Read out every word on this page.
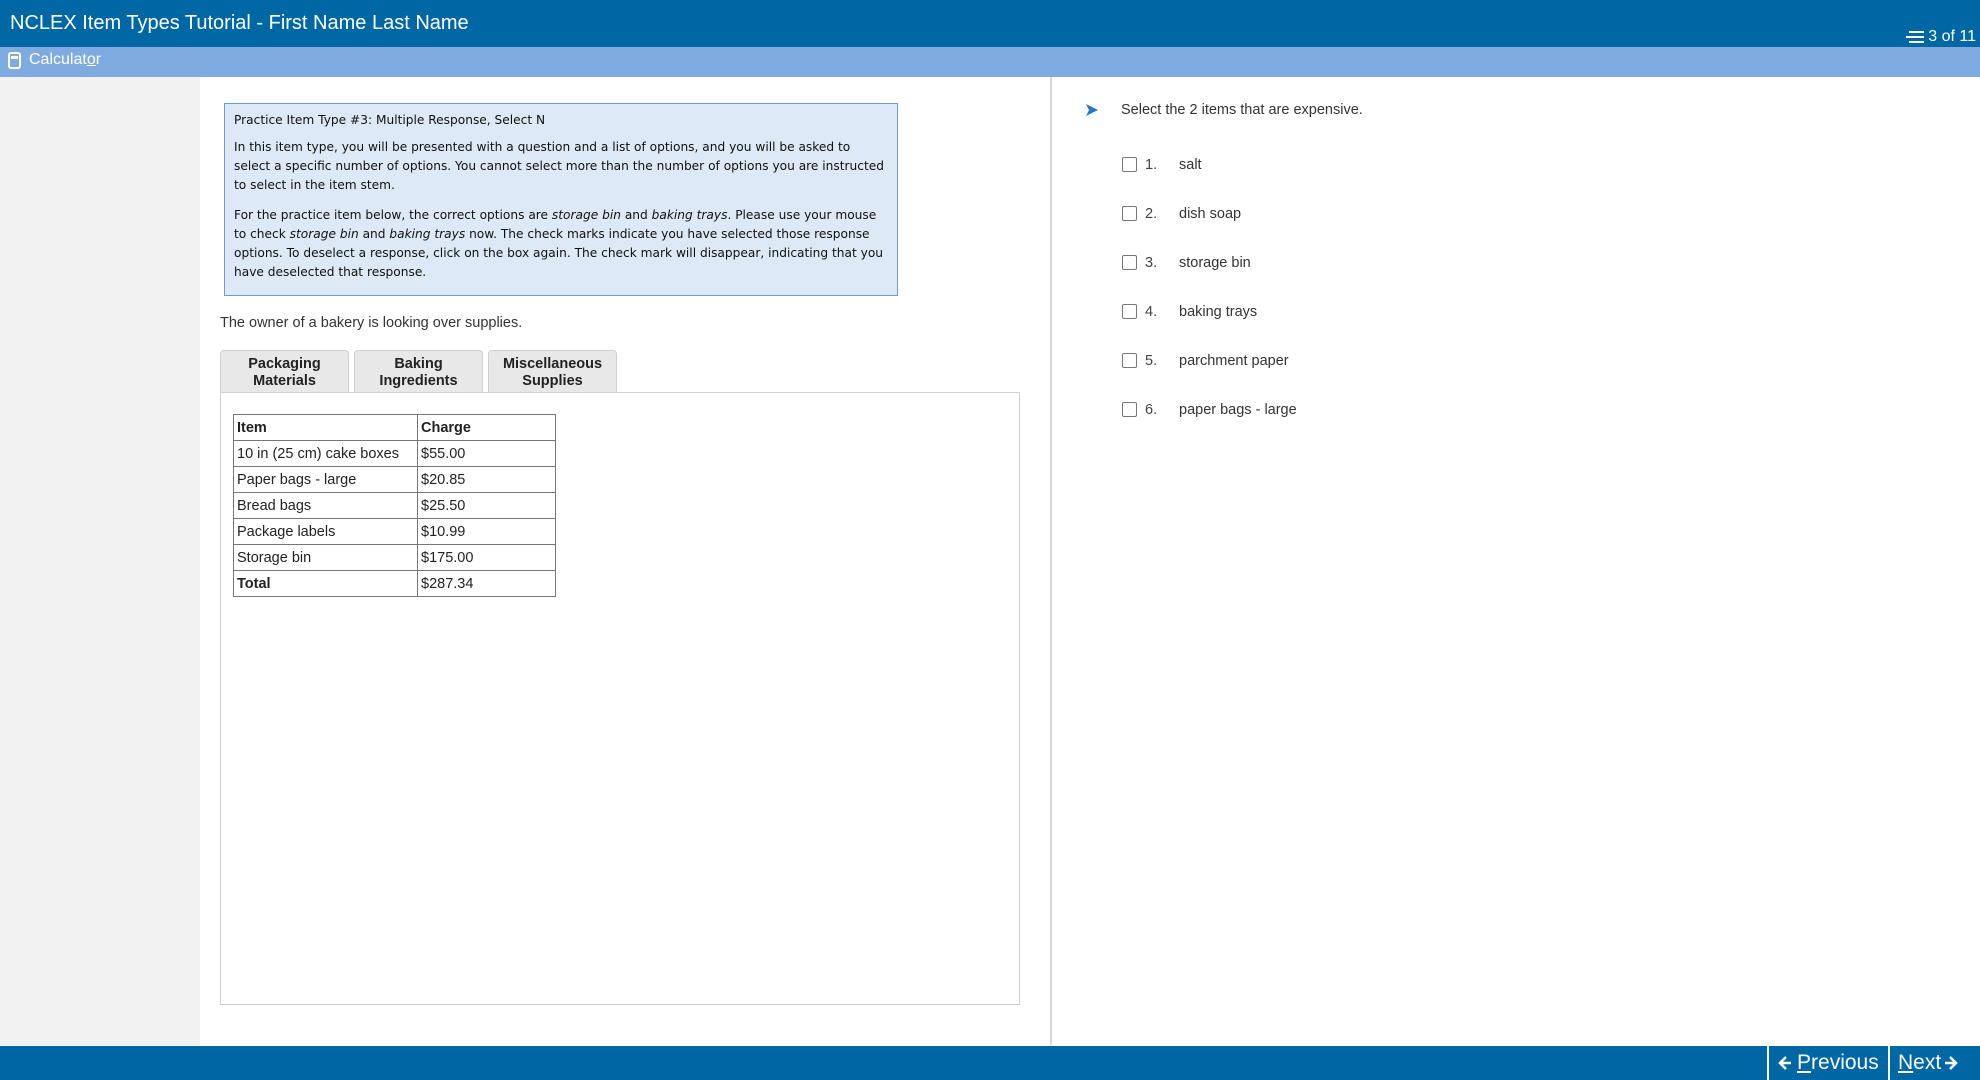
NCLEX Item Types Tutorial - First Name Last Name
3 of 11
Calculator
Practice Item Type #3: Multiple Response, Select N

In this item type, you will be presented with a question and a list of options, and you will be asked to select a specific number of options. You cannot select more than the number of options you are instructed to select in the item stem.

For the practice item below, the correct options are storage bin and baking trays. Please use your mouse to check storage bin and baking trays now. The check marks indicate you have selected those response options. To deselect a response, click on the box again. The check mark will disappear, indicating that you have deselected that response.

The owner of a bakery is looking over supplies.
Packaging
Materials
Baking
Ingredients
Miscellaneous
Supplies
Item	Charge
10 in (25 cm) cake boxes	$55.00
Paper bags - large	$20.85
Bread bags	$25.50
Package labels	$10.99
Storage bin	$175.00
Total	$287.34
Select the 2 items that are expensive.
1.	salt
2.	dish soap
3.	storage bin
4.	baking trays
5.	parchment paper
6.	paper bags - large
Previous Next
